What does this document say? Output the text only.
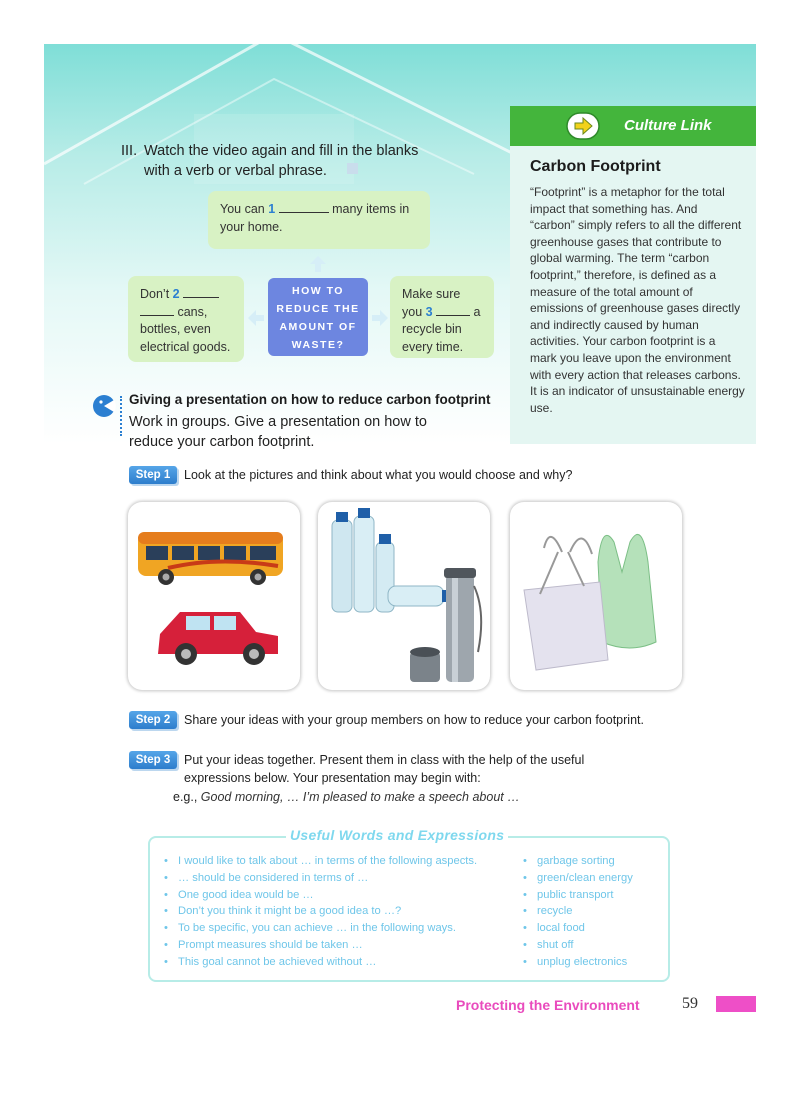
III. Watch the video again and fill in the blanks with a verb or verbal phrase.
You can 1	many items in your home.
Don’t 2
cans, bottles, even electrical goods.
Make sure you 3	a recycle bin every time.
HOW TO
REDUCE THE
AMOUNT OF
WASTE?
Culture Link
Carbon Footprint
“Footprint” is a metaphor for the total impact that something has. And “carbon” simply refers to all the different greenhouse gases that contribute to global warming. The term “carbon footprint,” therefore, is defined as a measure of the total amount of emissions of greenhouse gases directly and indirectly caused by human activities. Your carbon footprint is a mark you leave upon the environment with every action that releases carbons. It is an indicator of unsustainable energy use.
Giving a presentation on how to reduce carbon footprint
Work in groups. Give a presentation on how to reduce your carbon footprint.
Step 1	Look at the pictures and think about what you would choose and why?
Step 2	Share your ideas with your group members on how to reduce your carbon footprint.
Step 3	Put your ideas together. Present them in class with the help of the useful expressions below. Your presentation may begin with:
e.g., Good morning, … I’m pleased to make a speech about …
Useful Words and Expressions
• I would like to talk about … in terms of the following aspects.
• … should be considered in terms of …
• One good idea would be …
• Don’t you think it might be a good idea to …?
• To be specific, you can achieve … in the following ways.
• Prompt measures should be taken …
• This goal cannot be achieved without …
• garbage sorting
• green/clean energy
• public transport
• recycle
• local food
• shut off
• unplug electronics
Protecting the Environment	59
